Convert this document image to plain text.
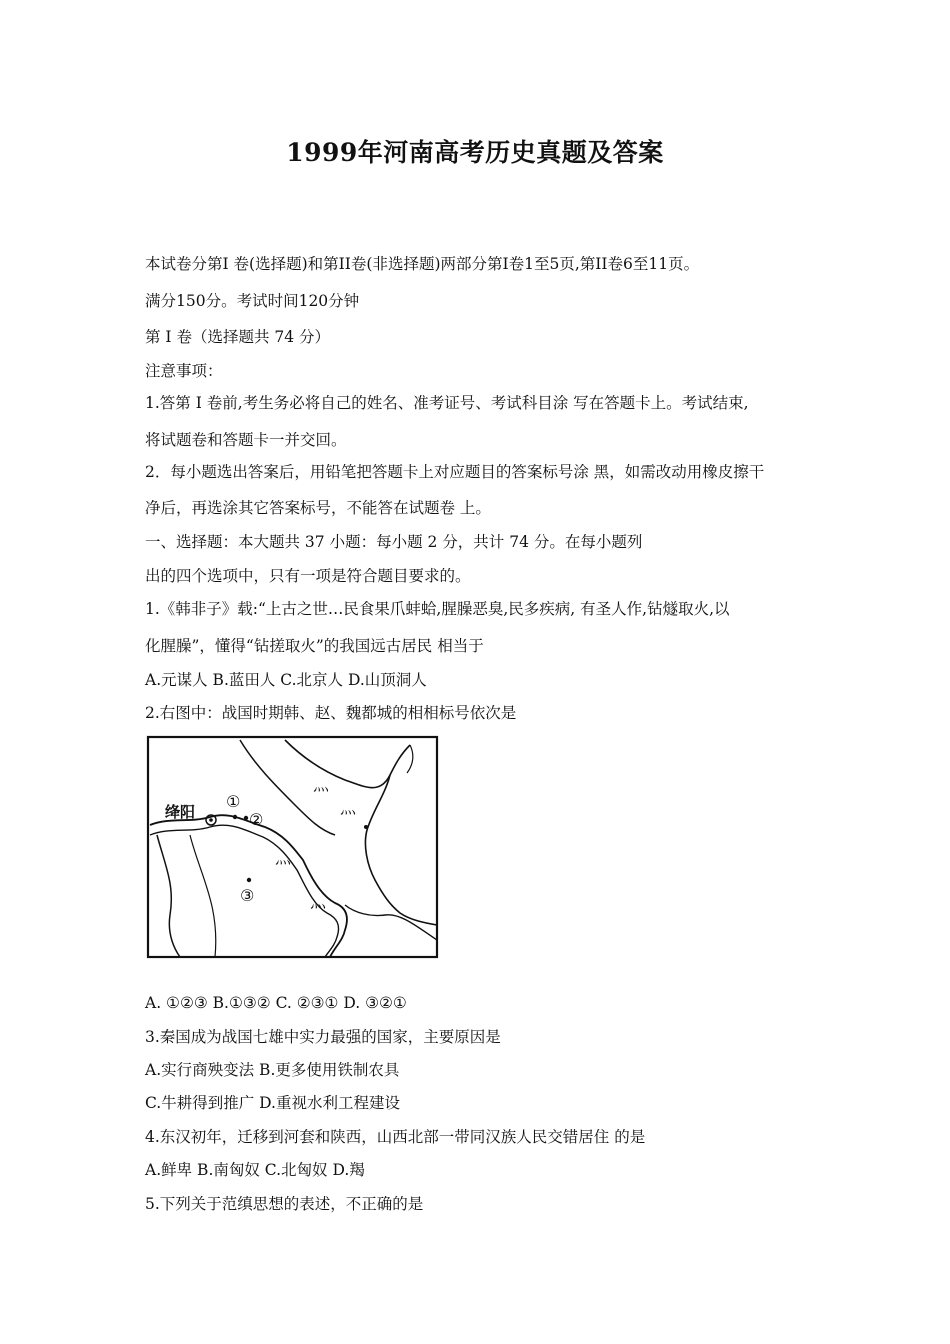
1999年河南高考历史真题及答案
本试卷分第Ⅰ 卷(选择题)和第II卷(非选择题)两部分第Ⅰ卷1至5页,第II卷6至11页。
满分150分。考试时间120分钟
第 Ⅰ 卷（选择题共 74 分）
注意事项：
1.答第 Ⅰ 卷前,考生务必将自己的姓名、准考证号、考试科目涂 写在答题卡上。考试结束,
将试题卷和答题卡一并交回。
2．每小题选出答案后，用铅笔把答题卡上对应题目的答案标号涂 黑，如需改动用橡皮擦干
净后，再选涂其它答案标号，不能答在试题卷 上。
一、选择题：本大题共 37 小题：每小题 2 分，共计 74 分。在每小题列
出的四个选项中，只有一项是符合题目要求的。
1.《韩非子》载:“上古之世…民食果爪蚌蛤,腥臊恶臭,民多疾病, 有圣人作,钻燧取火,以
化腥臊”，懂得“钻搓取火”的我国远古居民 相当于
A.元谋人 B.蓝田人 C.北京人 D.山顶洞人
2.右图中：战国时期韩、赵、魏都城的相相标号依次是
⺣
⺣
⺣
⺣
绛阳
①
②
③
A. ①②③ B.①③② C. ②③① D. ③②①
3.秦国成为战国七雄中实力最强的国家，主要原因是
A.实行商殃变法 B.更多使用铁制农具
C.牛耕得到推广 D.重视水利工程建设
4.东汉初年，迁移到河套和陕西，山西北部一带同汉族人民交错居住 的是
A.鲜卑 B.南匈奴 C.北匈奴 D.羯
5.下列关于范缜思想的表述，不正确的是
